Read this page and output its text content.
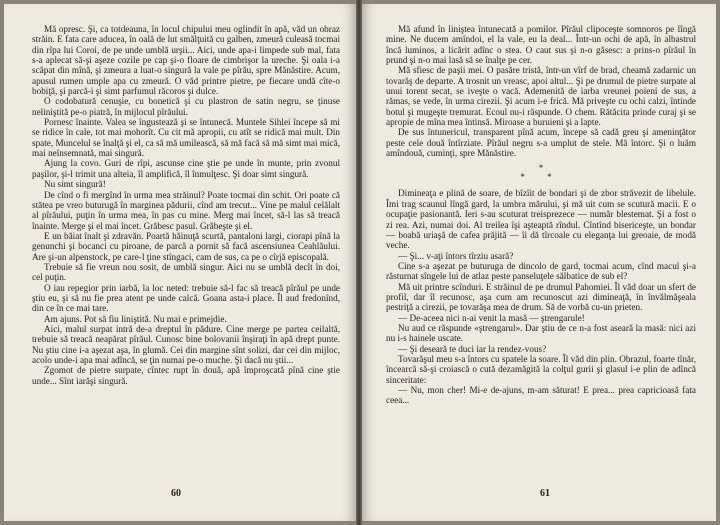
Mă opresc. Şi, ca totdeauna, în locul chipului meu oglindit în apă, văd un obraz străin. E fata care aducea, în oală de lut smălţuită cu galben, zmeură culeasă tocmai din rîpa lui Coroi, de pe unde umblă urşii... Aici, unde apa-i limpede sub mal, fata s-a aplecat să-şi aşeze cozile pe cap şi-o floare de cimbrişor la ureche. Şi oala i-a scăpat din mînă, şi zmeura a luat-o singură la vale pe pîrău, spre Mănăstire. Acum, apusul rumen umple apa cu zmeură. O văd printre pietre, pe fiecare undă cîte-o bobiţă, şi parcă-i şi simt parfumul răcoros şi dulce.

O codobatură cenuşie, cu bonetică şi cu plastron de satin negru, se ţinuse neliniştită pe-o piatră, în mijlocul pîrăului.

Pornesc înainte. Valea se îngustează şi se întunecă. Muntele Sihlei începe să mi se ridice în cale, tot mai mohorît. Cu cit mă apropii, cu atît se ridică mai mult. Din spate, Muncelul se înalţă şi el, ca să mă umilească, să mă facă să mă simt mai mică, mai neînsemnată, mai singură.

Ajung la covo. Guri de rîpi, ascunse cine ştie pe unde în munte, prin zvonul paşilor, şi-l trimit una alteia, îl amplifică, îl înmulţesc. Şi doar simt singură.

Nu simt singură!

De cînd o fi mergînd în urma mea străinul? Poate tocmai din schit. Ori poate că stătea pe vreo buturugă în marginea pădurii, cînd am trecut... Vine pe malul celălalt al pîrăului, puţin în urma mea, în pas cu mine. Merg mai încet, să-l las să treacă înainte. Merge şi el mai încet. Grăbesc pasul. Grăbeşte şi el.

E un băiat înalt şi zdravăn. Poartă hăinuţă scurtă, pantaloni largi, ciorapi pînă la genunchi şi bocanci cu piroane, de parcă a pornit să facă ascensiunea Ceahlăului. Are şi-un alpenstock, pe care-l ţine stîngaci, cam de sus, ca pe o cîrjă episcopală.

Trebuie să fie vreun nou sosit, de umblă singur. Aici nu se umblă decît în doi, cel puţin.

O iau repegior prin iarbă, la loc neted: trebuie să-l fac să treacă pîrăul pe unde ştiu eu, şi să nu fie prea atent pe unde calcă. Goana asta-i place. Îl aud fredonînd, din ce în ce mai tare.

Am ajuns. Pot să fiu liniştită. Nu mai e primejdie.

Aici, malul surpat intră de-a dreptul în pădure. Cine merge pe partea ceilaltă, trebuie să treacă neapărat pîrăul. Cunosc bine bolovanii înşiraţi în apă drept punte. Nu ştiu cine i-a aşezat aşa, în glumă. Cei din margine sînt solizi, dar cei din mijloc, acolo unde-i apa mai adîncă, se ţin numai pe-o muche. Şi dacă nu ştii...

Zgomot de pietre surpate, cîntec rupt în două, apă împroşcată pînă cine ştie unde... Sînt iarăşi singură.

60

Mă afund în liniştea întunecată a pomilor. Pîrăul clipoceşte somnoros pe lîngă mine. Ne ducem amîndoi, el la vale, eu la deal... Într-un ochi de apă, în albastrul încă luminos, a licărit adînc o stea. O caut sus şi n-o găsesc: a prins-o pîrăul în prund şi n-o mai lasă să se înalţe pe cer.

Mă sfiesc de paşii mei. O pasăre tristă, într-un vîrf de brad, cheamă zadarnic un tovarăş de departe. A trosnit un vreasc, apoi altul... Şi pe drumul de pietre surpate al unui torent secat, se iveşte o vacă. Ademenită de iarba vreunei poieni de sus, a rămas, se vede, în urma cirezii. Şi acum i-e frică. Mă priveşte cu ochi calzi, întinde botul şi mugeşte tremurat. Ecoul nu-i răspunde. O chem. Rătăcita prinde curaj şi se apropie de mîna mea întinsă. Miroase a buruieni şi a lapte.

De sus întunericul, transparent pînă acum, începe să cadă greu şi ameninţător peste cele două întîrziate. Pîrăul negru s-a umplut de stele. Mă întorc. Şi o luăm amîndouă, cuminţi, spre Mănăstire.

*
* *

Dimineaţa e plină de soare, de bîzîit de bondari şi de zbor străvezit de libelule. Îmi trag scaunul lîngă gard, la umbra mărului, şi mă uit cum se scutură macii. E o ocupaţie pasionantă. Ieri s-au scuturat treisprezece — număr blestemat. Şi a fost o zi rea. Azi, numai doi. Al treilea îşi aşteaptă rîndul. Cîntînd bisericeşte, un bondar — boabă uriaşă de cafea prăjită — îi dă tîrcoale cu eleganţa lui greoaie, de modă veche.

— Şi... v-aţi întors tîrziu asară?

Cine s-a aşezat pe buturuga de dincolo de gard, tocmai acum, cînd macul şi-a răsturnat sîngele lui de atlaz peste panseluţele sălbatice de sub el?

Mă uit printre scînduri. E străinul de pe drumul Pahomiei. Îl văd doar un sfert de profil, dar îl recunosc, aşa cum am recunoscut azi dimineaţă, în învălmăşeala pestriţă a cirezii, pe tovarăşa mea de drum. Să de vorbă cu-un prieten.

— De-aceea nici n-ai venit la masă — ştrengarule!

Nu aud ce răspunde «ştrengarul». Dar ştiu de ce n-a fost aseară la masă: nici azi nu i-s hainele uscate.

— Şi deseară te duci iar la rendez-vous?

Tovarăşul meu s-a întors cu spatele la soare. Îl văd din plin. Obrazul, foarte tînăr, încearcă să-şi croiască o cută dezamăgită la colţul gurii şi glasul i-e plin de adîncă sinceritate:

— Nu, mon cher! Mi-e de-ajuns, m-am săturat! E prea... prea capricioasă fata ceea...

61
